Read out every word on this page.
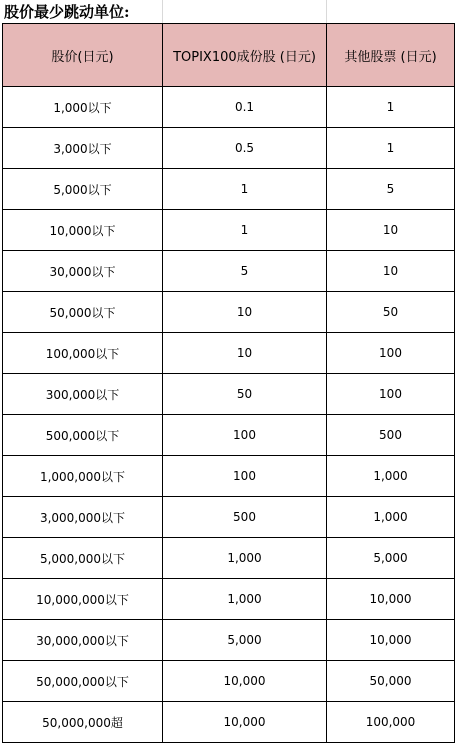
股价最少跳动单位:
股价(日元)	TOPIX100成份股 (日元)	其他股票 (日元)
1,000以下	0.1	1
3,000以下	0.5	1
5,000以下	1	5
10,000以下	1	10
30,000以下	5	10
50,000以下	10	50
100,000以下	10	100
300,000以下	50	100
500,000以下	100	500
1,000,000以下	100	1,000
3,000,000以下	500	1,000
5,000,000以下	1,000	5,000
10,000,000以下	1,000	10,000
30,000,000以下	5,000	10,000
50,000,000以下	10,000	50,000
50,000,000超	10,000	100,000
